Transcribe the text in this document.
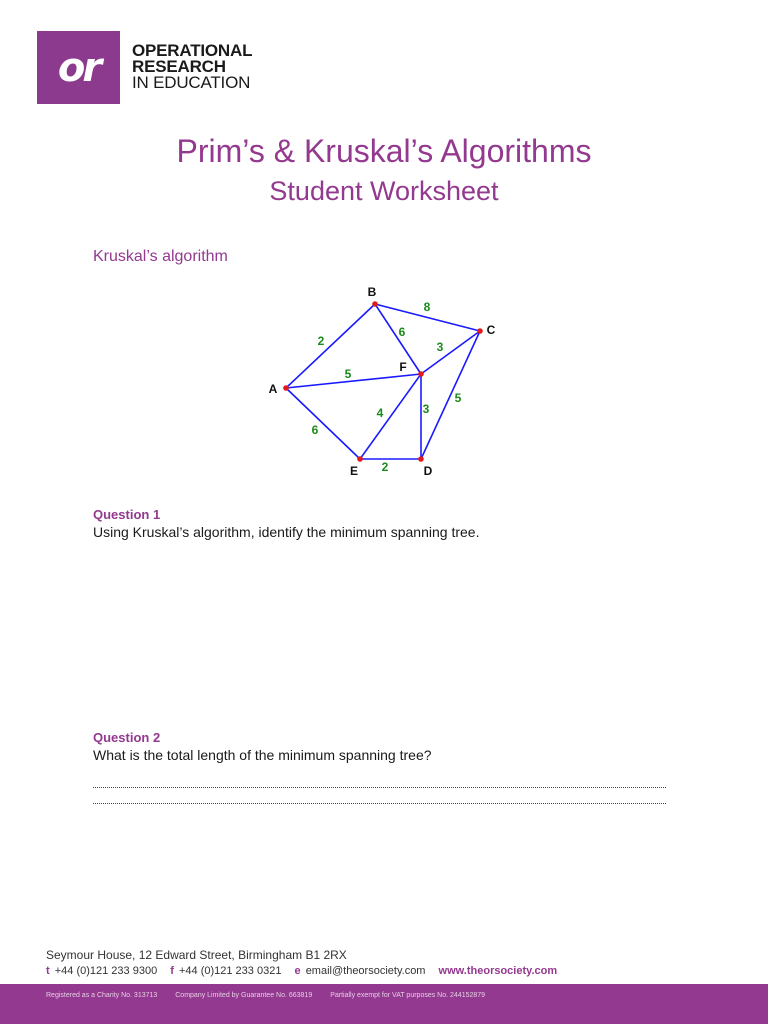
or OPERATIONAL
RESEARCH
IN EDUCATION
Prim’s & Kruskal’s Algorithms
Student Worksheet
Kruskal’s algorithm
2
8
6
3
5
5
4	3
6
2
A
B
C
D
E
F
Question 1
Using Kruskal’s algorithm, identify the minimum spanning tree.
Question 2
What is the total length of the minimum spanning tree?
Seymour House, 12 Edward Street, Birmingham B1 2RX
t +44 (0)121 233 9300 f +44 (0)121 233 0321 e email@theorsociety.com www.theorsociety.com
Registered as a Charity No. 313713	Company Limited by Guarantee No. 663819	Partially exempt for VAT purposes No. 244152879
